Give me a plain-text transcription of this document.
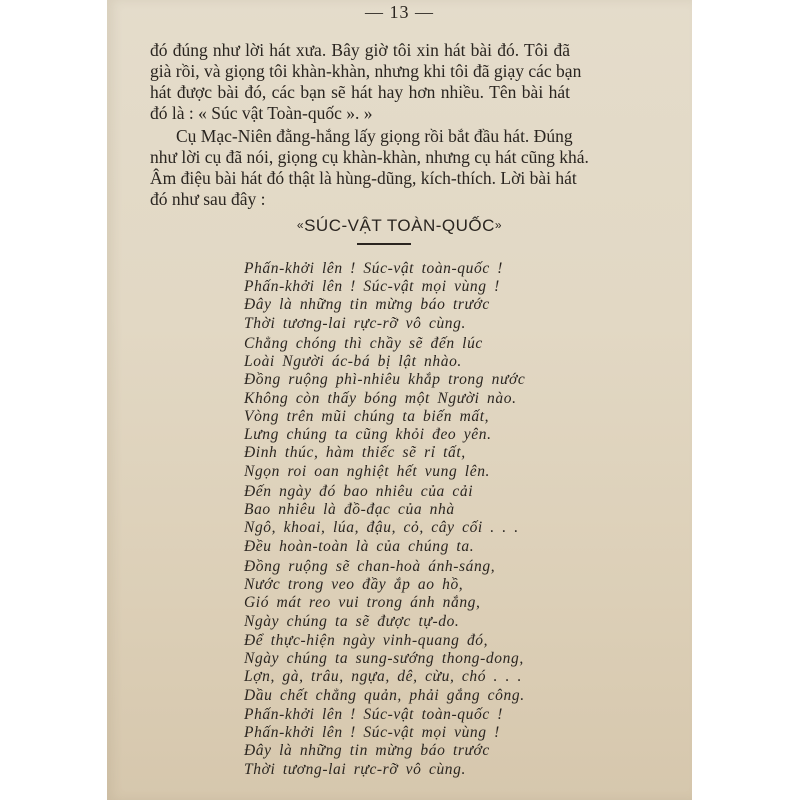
— 13 —
đó đúng như lời hát xưa. Bây giờ tôi xin hát bài đó. Tôi đã
già rồi, và giọng tôi khàn-khàn, nhưng khi tôi đã giạy các bạn
hát được bài đó, các bạn sẽ hát hay hơn nhiều. Tên bài hát
đó là : « Súc vật Toàn-quốc ». »
Cụ Mạc-Niên đằng-hắng lấy giọng rồi bắt đầu hát. Đúng
như lời cụ đã nói, giọng cụ khàn-khàn, nhưng cụ hát cũng khá.
Âm điệu bài hát đó thật là hùng-dũng, kích-thích. Lời bài hát
đó như sau đây :
«SÚC-VẬT TOÀN-QUỐC»
Phấn-khởi lên ! Súc-vật toàn-quốc !
Phấn-khởi lên ! Súc-vật mọi vùng !
Đây là những tin mừng báo trước
Thời tương-lai rực-rỡ vô cùng.
Chẳng chóng thì chầy sẽ đến lúc
Loài Người ác-bá bị lật nhào.
Đồng ruộng phì-nhiêu khắp trong nước
Không còn thấy bóng một Người nào.
Vòng trên mũi chúng ta biến mất,
Lưng chúng ta cũng khỏi đeo yên.
Đinh thúc, hàm thiếc sẽ rỉ tất,
Ngọn roi oan nghiệt hết vung lên.
Đến ngày đó bao nhiêu của cải
Bao nhiêu là đồ-đạc của nhà
Ngô, khoai, lúa, đậu, cỏ, cây cối . . .
Đều hoàn-toàn là của chúng ta.
Đồng ruộng sẽ chan-hoà ánh-sáng,
Nước trong veo đầy ắp ao hồ,
Gió mát reo vui trong ánh nắng,
Ngày chúng ta sẽ được tự-do.
Để thực-hiện ngày vinh-quang đó,
Ngày chúng ta sung-sướng thong-dong,
Lợn, gà, trâu, ngựa, dê, cừu, chó . . .
Dầu chết chẳng quản, phải gắng công.
Phấn-khởi lên ! Súc-vật toàn-quốc !
Phấn-khởi lên ! Súc-vật mọi vùng !
Đây là những tin mừng báo trước
Thời tương-lai rực-rỡ vô cùng.
